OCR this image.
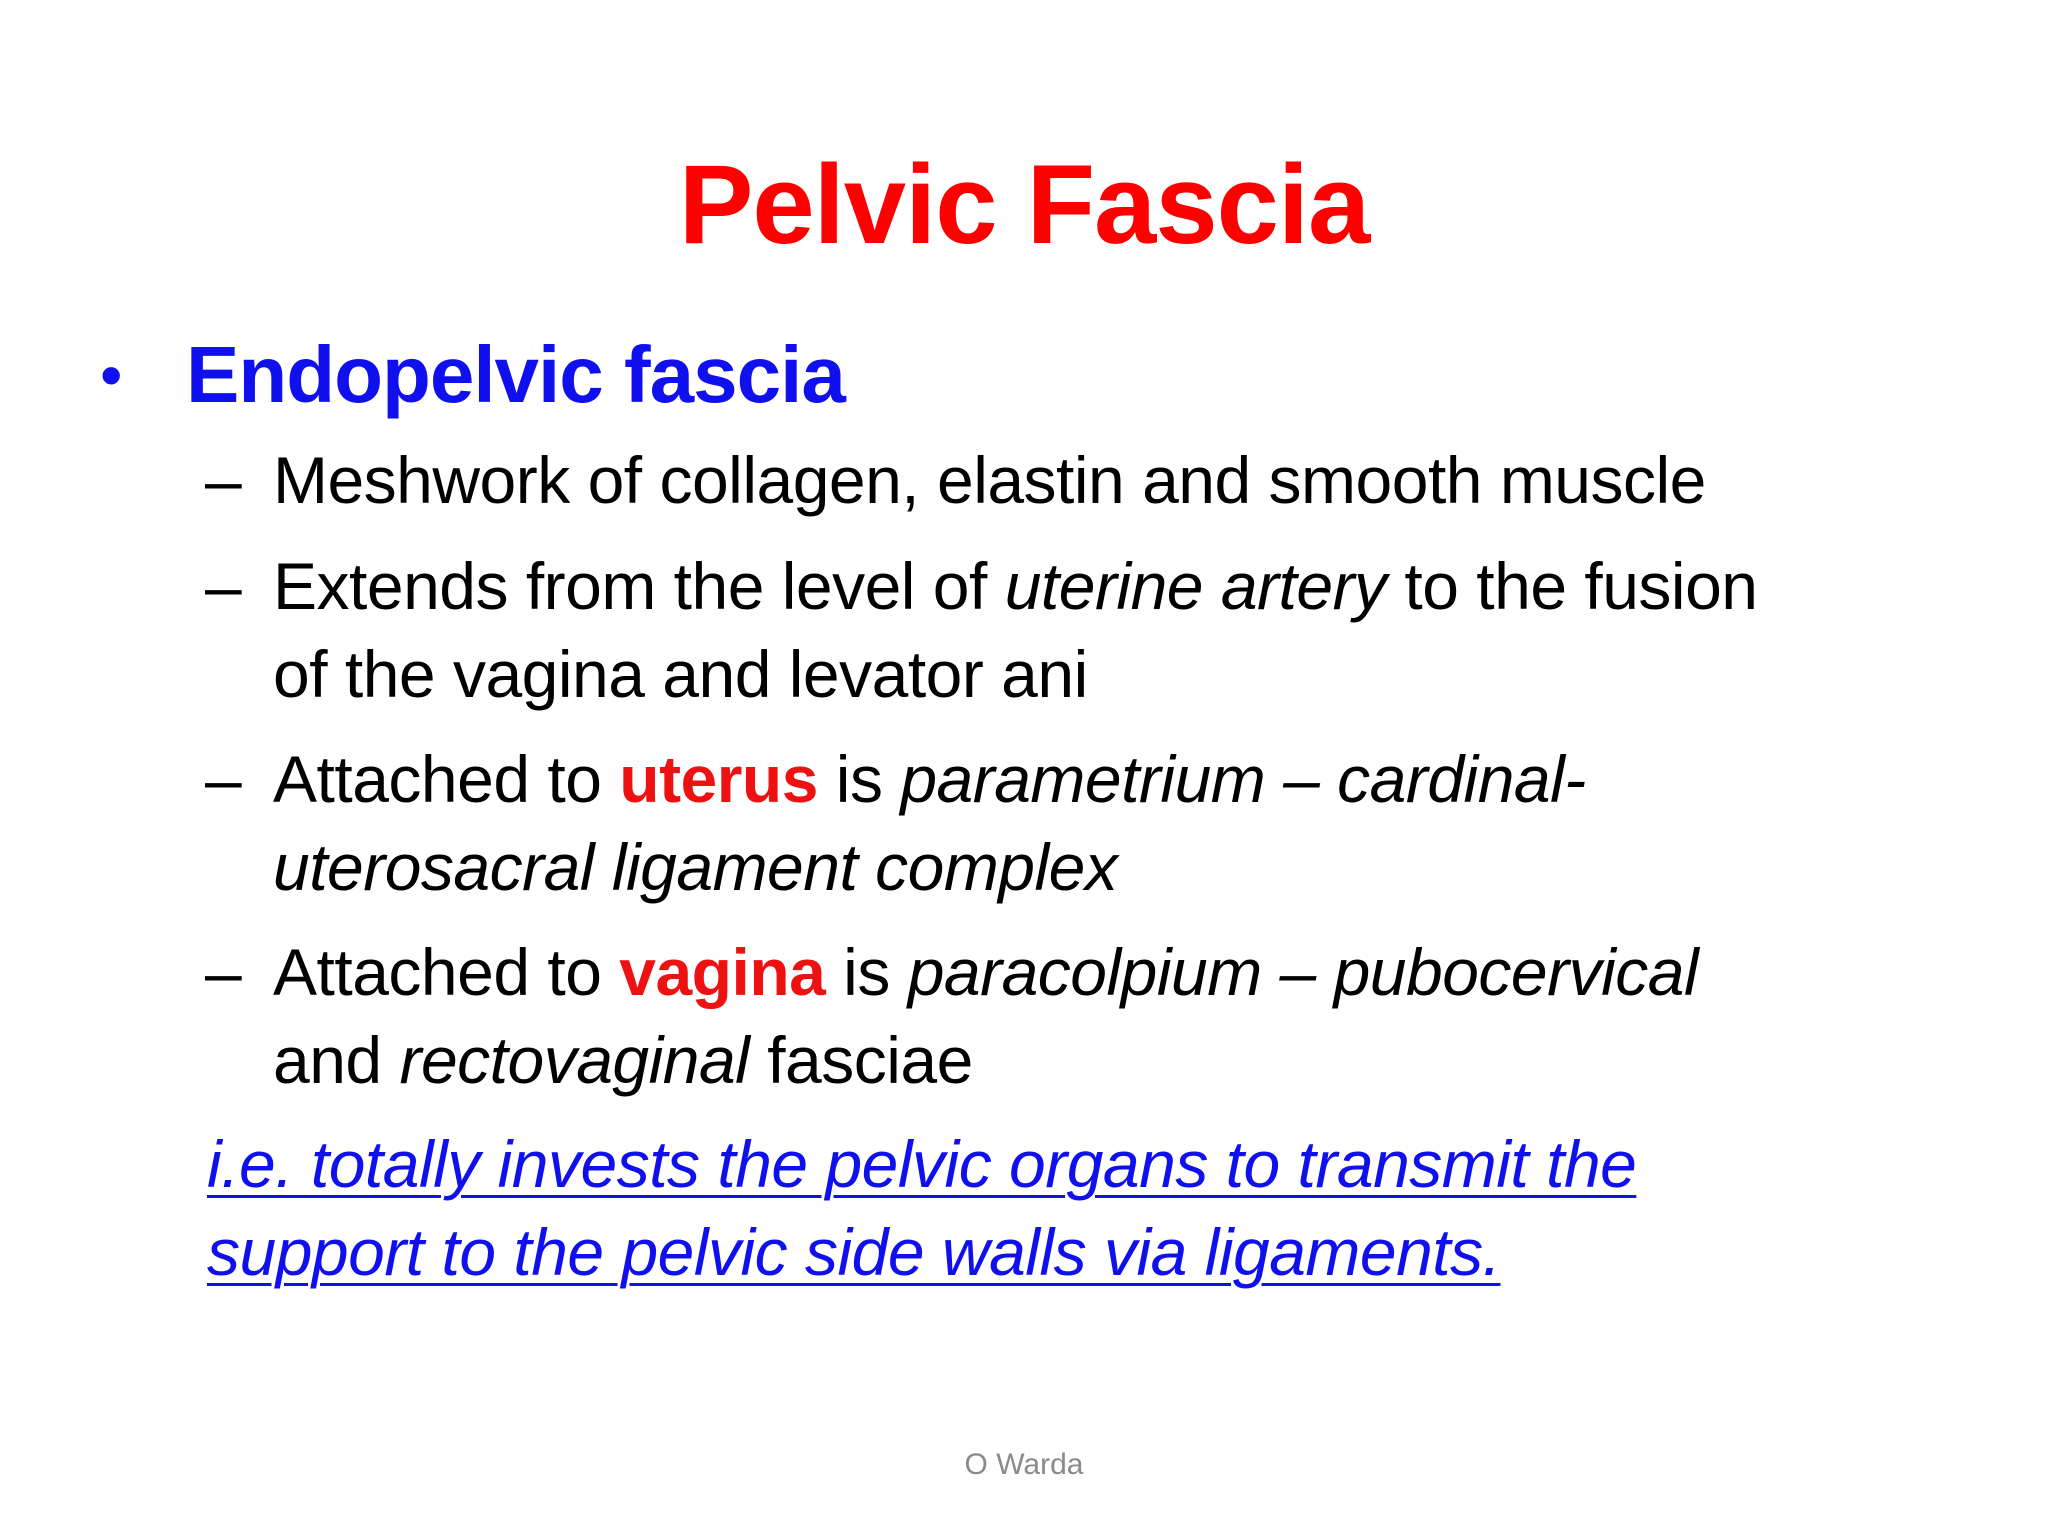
Pelvic Fascia
• Endopelvic fascia
– Meshwork of collagen, elastin and smooth muscle
– Extends from the level of uterine artery to the fusion
of the vagina and levator ani
– Attached to uterus is parametrium – cardinal-
uterosacral ligament complex
– Attached to vagina is paracolpium – pubocervical
and rectovaginal fasciae
i.e. totally invests the pelvic organs to transmit the
support to the pelvic side walls via ligaments.
O Warda
